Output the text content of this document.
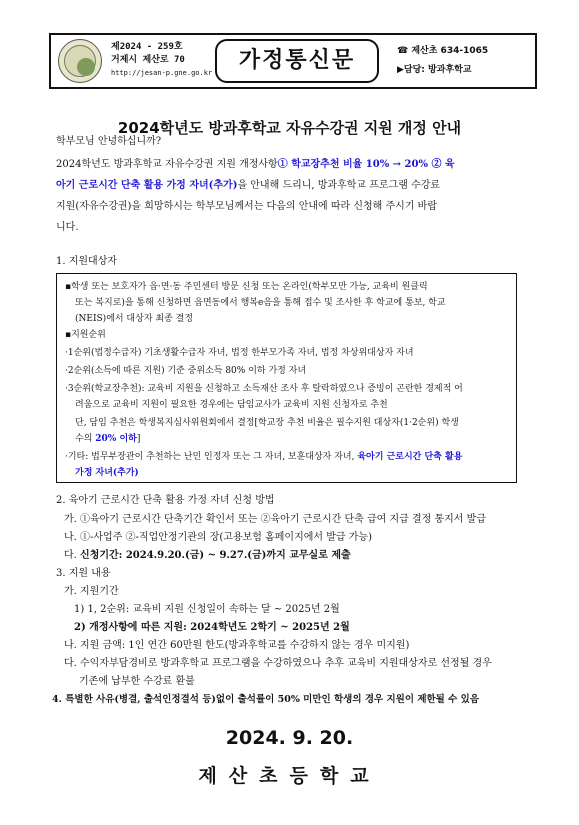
제2024 - 259호
거제시 제산로 70
http://jesan-p.gne.go.kr	가정통신문	☎ 제산초 634-1065
▶담당: 방과후학교
2024학년도 방과후학교 자유수강권 지원 개정 안내
학부모님 안녕하십니까?
2024학년도 방과후학교 자유수강권 지원 개정사항① 학교장추천 비율 10% → 20% ② 육
아기 근로시간 단축 활용 가정 자녀(추가)을 안내해 드리니, 방과후학교 프로그램 수강료
지원(자유수강권)을 희망하시는 학부모님께서는 다음의 안내에 따라 신청해 주시기 바랍
니다.
1. 지원대상자
▪학생 또는 보호자가 읍·면·동 주민센터 방문 신청 또는 온라인(학부모만 가능, 교육비 원클릭
또는 복지로)을 통해 신청하면 읍면동에서 행복e음을 통해 접수 및 조사한 후 학교에 통보, 학교
(NEIS)에서 대상자 최종 결정
▪지원순위
·1순위(법정수급자) 기초생활수급자 자녀, 법정 한부모가족 자녀, 법정 차상위대상자 자녀
·2순위(소득에 따른 지원) 기준 중위소득 80% 이하 가정 자녀
·3순위(학교장추천): 교육비 지원을 신청하고 소득재산 조사 후 탈락하였으나 증빙이 곤란한 경제적 어
려움으로 교육비 지원이 필요한 경우에는 담임교사가 교육비 지원 신청자로 추천
단, 담임 추천은 학생복지심사위원회에서 결정[학교장 추천 비율은 필수지원 대상자(1·2순위) 학생
수의 20% 이하]
·기타: 법무부장관이 추천하는 난민 인정자 또는 그 자녀, 보훈대상자 자녀, 육아기 근로시간 단축 활용
가정 자녀(추가)
2. 육아기 근로시간 단축 활용 가정 자녀 신청 방법
가. ①육아기 근로시간 단축기간 확인서 또는 ②육아기 근로시간 단축 급여 지급 결정 통지서 발급
나. ①-사업주 ②-직업안정기관의 장(고용보험 홈페이지에서 발급 가능)
다. 신청기간: 2024.9.20.(금) ~ 9.27.(금)까지 교무실로 제출
3. 지원 내용
가. 지원기간
1) 1, 2순위: 교육비 지원 신청일이 속하는 달 ~ 2025년 2월
2) 개정사항에 따른 지원: 2024학년도 2학기 ~ 2025년 2월
나. 지원 금액: 1인 연간 60만원 한도(방과후학교를 수강하지 않는 경우 미지원)
다. 수익자부담경비로 방과후학교 프로그램을 수강하였으나 추후 교육비 지원대상자로 선정될 경우
기존에 납부한 수강료 환불
4. 특별한 사유(병결, 출석인정결석 등)없이 출석률이 50% 미만인 학생의 경우 지원이 제한될 수 있음
2024. 9. 20.
제산초등학교
